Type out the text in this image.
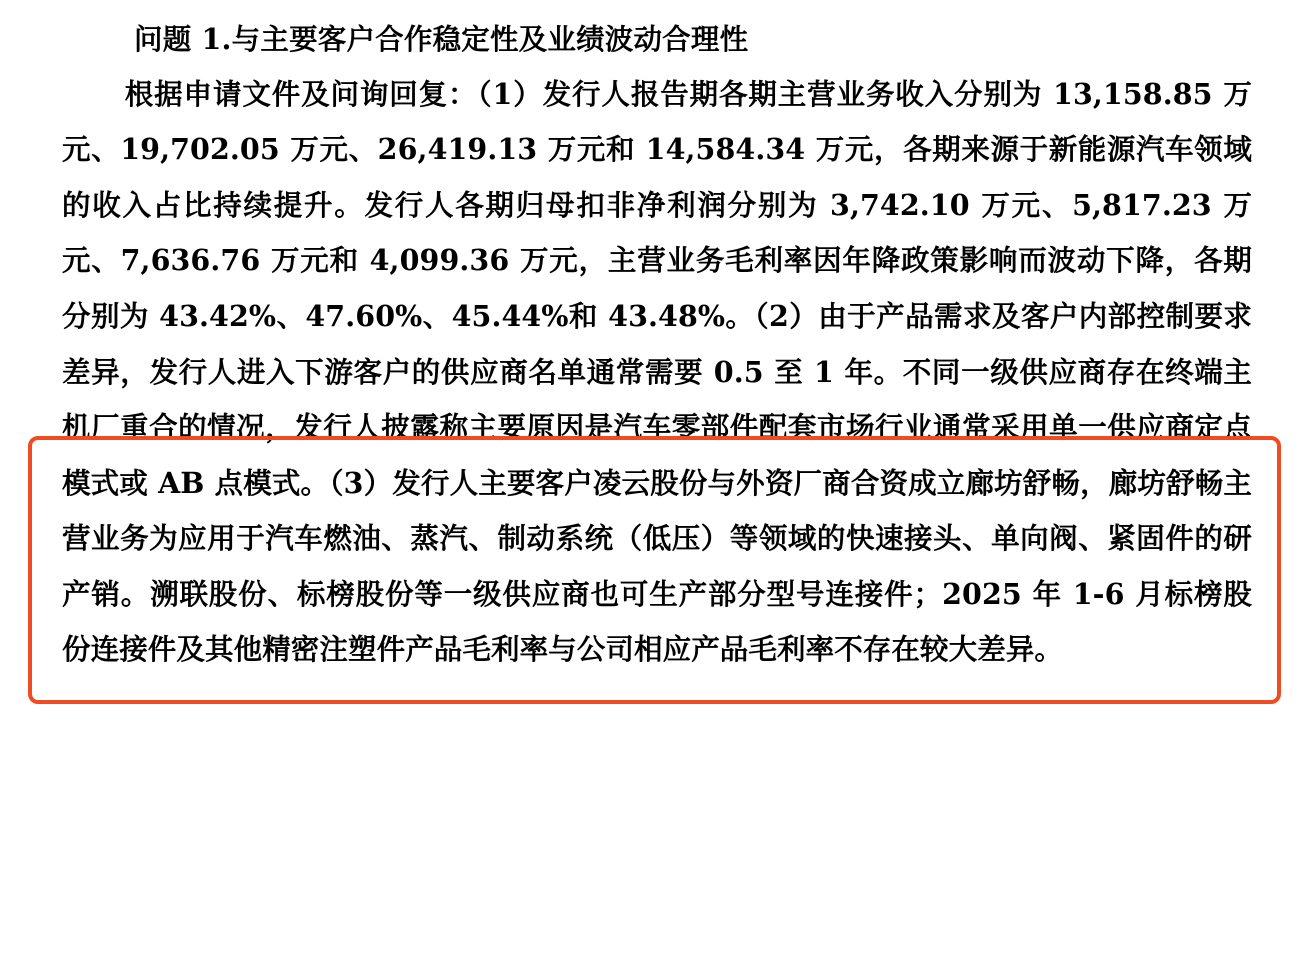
问题 1.与主要客户合作稳定性及业绩波动合理性

根据申请文件及问询回复：（1）发行人报告期各期主营业务收入分别为 13,158.85 万元、19,702.05 万元、26,419.13 万元和 14,584.34 万元，各期来源于新能源汽车领域的收入占比持续提升。发行人各期归母扣非净利润分别为 3,742.10 万元、5,817.23 万元、7,636.76 万元和 4,099.36 万元，主营业务毛利率因年降政策影响而波动下降，各期分别为 43.42%、47.60%、45.44%和 43.48%。（2）由于产品需求及客户内部控制要求差异，发行人进入下游客户的供应商名单通常需要 0.5 至 1 年。不同一级供应商存在终端主机厂重合的情况，发行人披露称主要原因是汽车零部件配套市场行业通常采用单一供应商定点模式或 AB 点模式。（3）发行人主要客户凌云股份与外资厂商合资成立廊坊舒畅，廊坊舒畅主营业务为应用于汽车燃油、蒸汽、制动系统（低压）等领域的快速接头、单向阀、紧固件的研产销。溯联股份、标榜股份等一级供应商也可生产部分型号连接件；2025 年 1-6 月标榜股份连接件及其他精密注塑件产品毛利率与公司相应产品毛利率不存在较大差异。
